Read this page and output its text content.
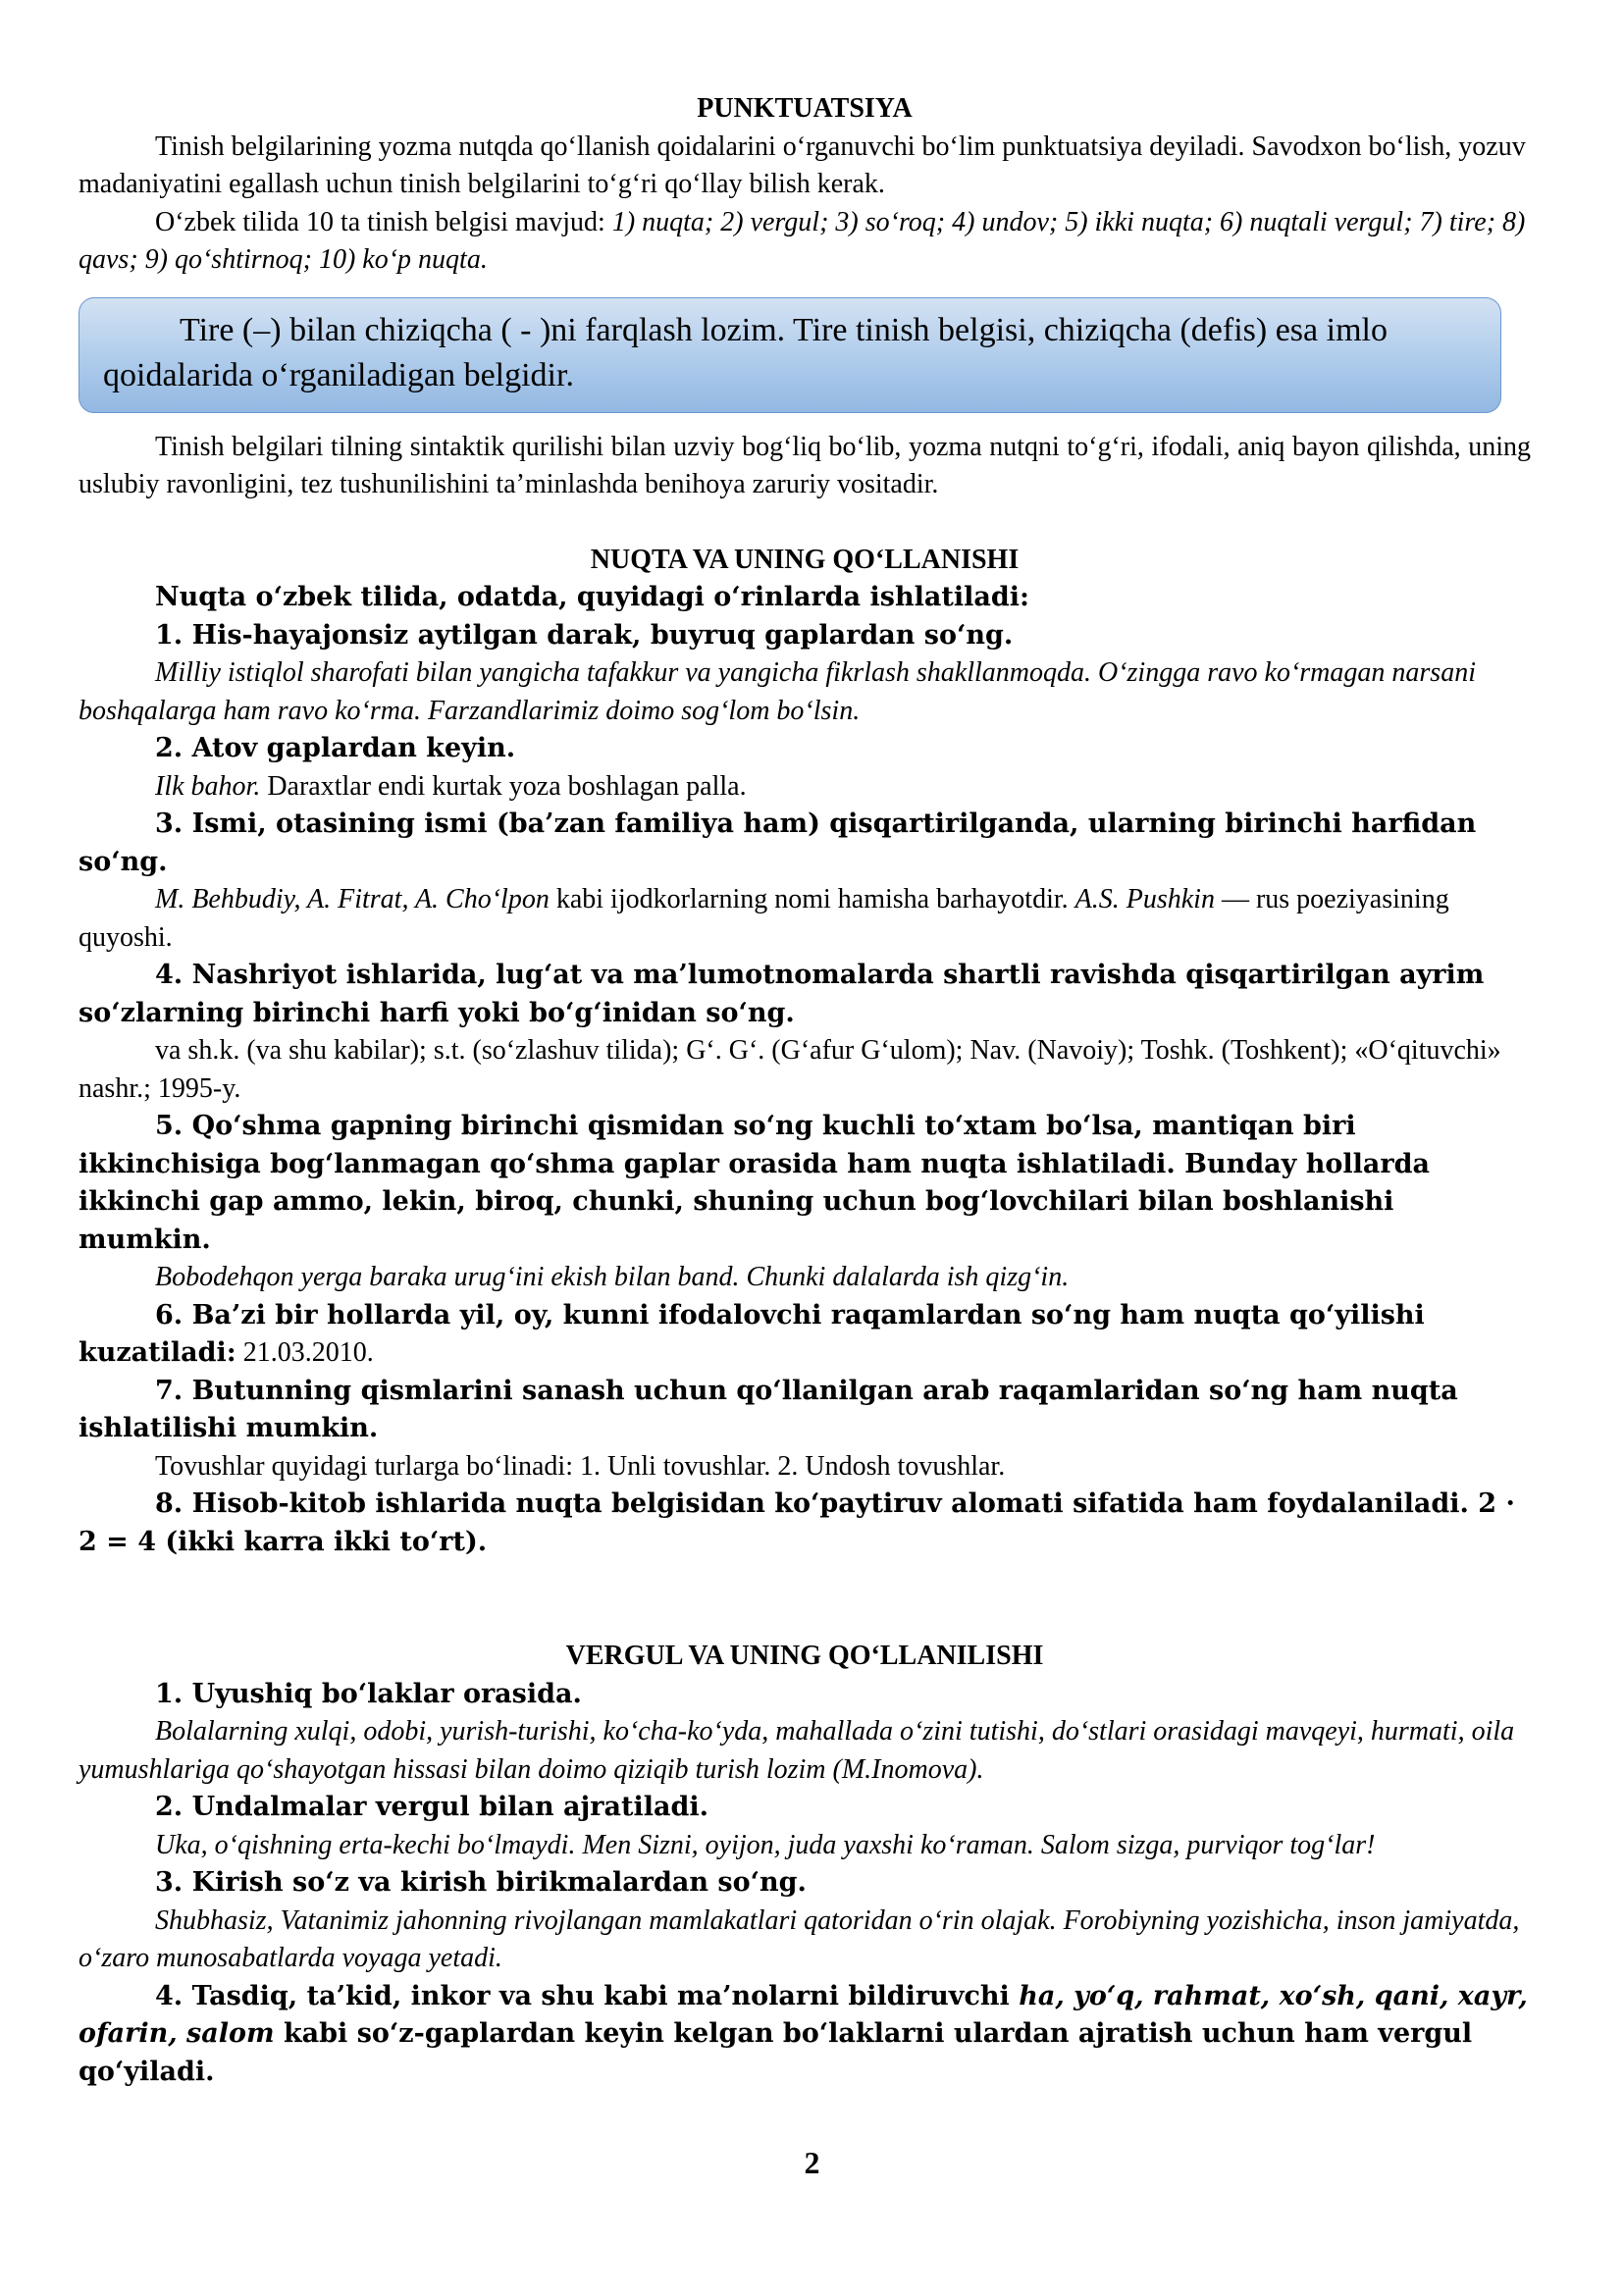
PUNKTUATSIYA

Tinish belgilarining yozma nutqda qo‘llanish qoidalarini o‘rganuvchi bo‘lim punktuatsiya deyiladi. Savodxon bo‘lish, yozuv madaniyatini egallash uchun tinish belgilarini to‘g‘ri qo‘llay bilish kerak.

O‘zbek tilida 10 ta tinish belgisi mavjud: 1) nuqta; 2) vergul; 3) so‘roq; 4) undov; 5) ikki nuqta; 6) nuqtali vergul; 7) tire; 8) qavs; 9) qo‘shtirnoq; 10) ko‘p nuqta.

Tire (–) bilan chiziqcha ( - )ni farqlash lozim. Tire tinish belgisi, chiziqcha (defis) esa imlo qoidalarida o‘rganiladigan belgidir.

Tinish belgilari tilning sintaktik qurilishi bilan uzviy bog‘liq bo‘lib, yozma nutqni to‘g‘ri, ifodali, aniq bayon qilishda, uning uslubiy ravonligini, tez tushunilishini ta’minlashda benihoya zaruriy vositadir.

NUQTA VA UNING QO‘LLANISHI

Nuqta o‘zbek tilida, odatda, quyidagi o‘rinlarda ishlatiladi:

1. His-hayajonsiz aytilgan darak, buyruq gaplardan so‘ng.

Milliy istiqlol sharofati bilan yangicha tafakkur va yangicha fikrlash shakllanmoqda. O‘zingga ravo ko‘rmagan narsani boshqalarga ham ravo ko‘rma. Farzandlarimiz doimo sog‘lom bo‘lsin.

2. Atov gaplardan keyin.

Ilk bahor. Daraxtlar endi kurtak yoza boshlagan palla.

3. Ismi, otasining ismi (ba’zan familiya ham) qisqartirilganda, ularning birinchi harfidan so‘ng.

M. Behbudiy, A. Fitrat, A. Cho‘lpon kabi ijodkorlarning nomi hamisha barhayotdir. A.S. Pushkin — rus poeziyasining quyoshi.

4. Nashriyot ishlarida, lug‘at va ma’lumotnomalarda shartli ravishda qisqartirilgan ayrim so‘zlarning birinchi harfi yoki bo‘g‘inidan so‘ng.

va sh.k. (va shu kabilar); s.t. (so‘zlashuv tilida); G‘. G‘. (G‘afur G‘ulom); Nav. (Navoiy); Toshk. (Toshkent); «O‘qituvchi» nashr.; 1995-y.

5. Qo‘shma gapning birinchi qismidan so‘ng kuchli to‘xtam bo‘lsa, mantiqan biri ikkinchisiga bog‘lanmagan qo‘shma gaplar orasida ham nuqta ishlatiladi. Bunday hollarda ikkinchi gap ammo, lekin, biroq, chunki, shuning uchun bog‘lovchilari bilan boshlanishi mumkin.

Bobodehqon yerga baraka urug‘ini ekish bilan band. Chunki dalalarda ish qizg‘in.

6. Ba’zi bir hollarda yil, oy, kunni ifodalovchi raqamlardan so‘ng ham nuqta qo‘yilishi kuzatiladi: 21.03.2010.

7. Butunning qismlarini sanash uchun qo‘llanilgan arab raqamlaridan so‘ng ham nuqta ishlatilishi mumkin.

Tovushlar quyidagi turlarga bo‘linadi: 1. Unli tovushlar. 2. Undosh tovushlar.

8. Hisob-kitob ishlarida nuqta belgisidan ko‘paytiruv alomati sifatida ham foydalaniladi. 2 · 2 = 4 (ikki karra ikki to‘rt).

VERGUL VA UNING QO‘LLANILISHI

1. Uyushiq bo‘laklar orasida.

Bolalarning xulqi, odobi, yurish-turishi, ko‘cha-ko‘yda, mahallada o‘zini tutishi, do‘stlari orasidagi mavqeyi, hurmati, oila yumushlariga qo‘shayotgan hissasi bilan doimo qiziqib turish lozim (M.Inomova).

2. Undalmalar vergul bilan ajratiladi.

Uka, o‘qishning erta-kechi bo‘lmaydi. Men Sizni, oyijon, juda yaxshi ko‘raman. Salom sizga, purviqor tog‘lar!

3. Kirish so‘z va kirish birikmalardan so‘ng.

Shubhasiz, Vatanimiz jahonning rivojlangan mamlakatlari qatoridan o‘rin olajak. Forobiyning yozishicha, inson jamiyatda, o‘zaro munosabatlarda voyaga yetadi.

4. Tasdiq, ta’kid, inkor va shu kabi ma’nolarni bildiruvchi ha, yo‘q, rahmat, xo‘sh, qani, xayr, ofarin, salom kabi so‘z-gaplardan keyin kelgan bo‘laklarni ulardan ajratish uchun ham vergul qo‘yiladi.

2
